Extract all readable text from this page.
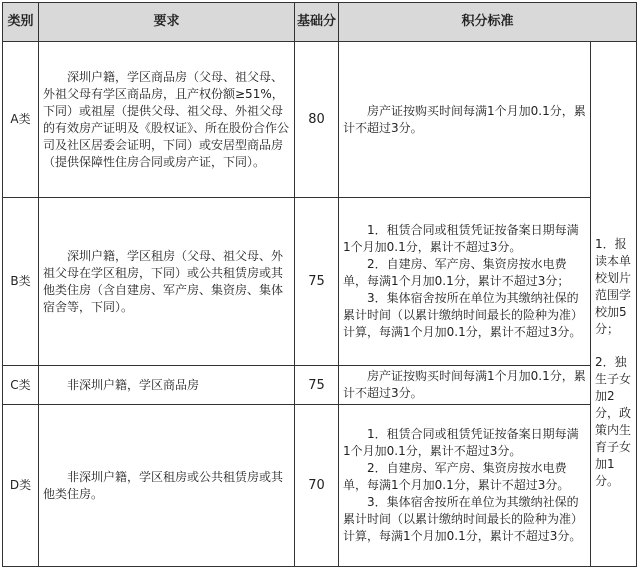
类别	要求	基础分	积分标准	
A类	深圳户籍，学区商品房（父母、祖父母、外祖父母有学区商品房，且产权份额≥51%，下同）或祖屋（提供父母、祖父母、外祖父母的有效房产证明及《股权证》、所在股份合作公司及社区居委会证明，下同）或安居型商品房（提供保障性住房合同或房产证，下同）。	80	房产证按购买时间每满1个月加0.1分，累计不超过3分。	1．报读本单校划片范围学校加5分；
2．独生子女加2分，政策内生育子女加1分。

B类	深圳户籍，学区租房（父母、祖父母、外祖父母在学区租房，下同）或公共租赁房或其他类住房（含自建房、军产房、集资房、集体宿舍等，下同）。	75	1．租赁合同或租赁凭证按备案日期每满1个月加0.1分，累计不超过3分。
2．自建房、军产房、集资房按水电费单，每满1个月加0.1分，累计不超过3分；
3．集体宿舍按所在单位为其缴纳社保的累计时间（以累计缴纳时间最长的险种为准）计算，每满1个月加0.1分，累计不超过3分。	

C类	非深圳户籍，学区商品房	75	房产证按购买时间每满1个月加0.1分，累计不超过3分。	

D类	非深圳户籍，学区租房或公共租赁房或其他类住房。	70	1．租赁合同或租赁凭证按备案日期每满1个月加0.1分，累计不超过3分。
2．自建房、军产房、集资房按水电费单，每满1个月加0.1分，累计不超过3分。
3．集体宿舍按所在单位为其缴纳社保的累计时间（以累计缴纳时间最长的险种为准）计算，每满1个月加0.1分，累计不超过3分。	
